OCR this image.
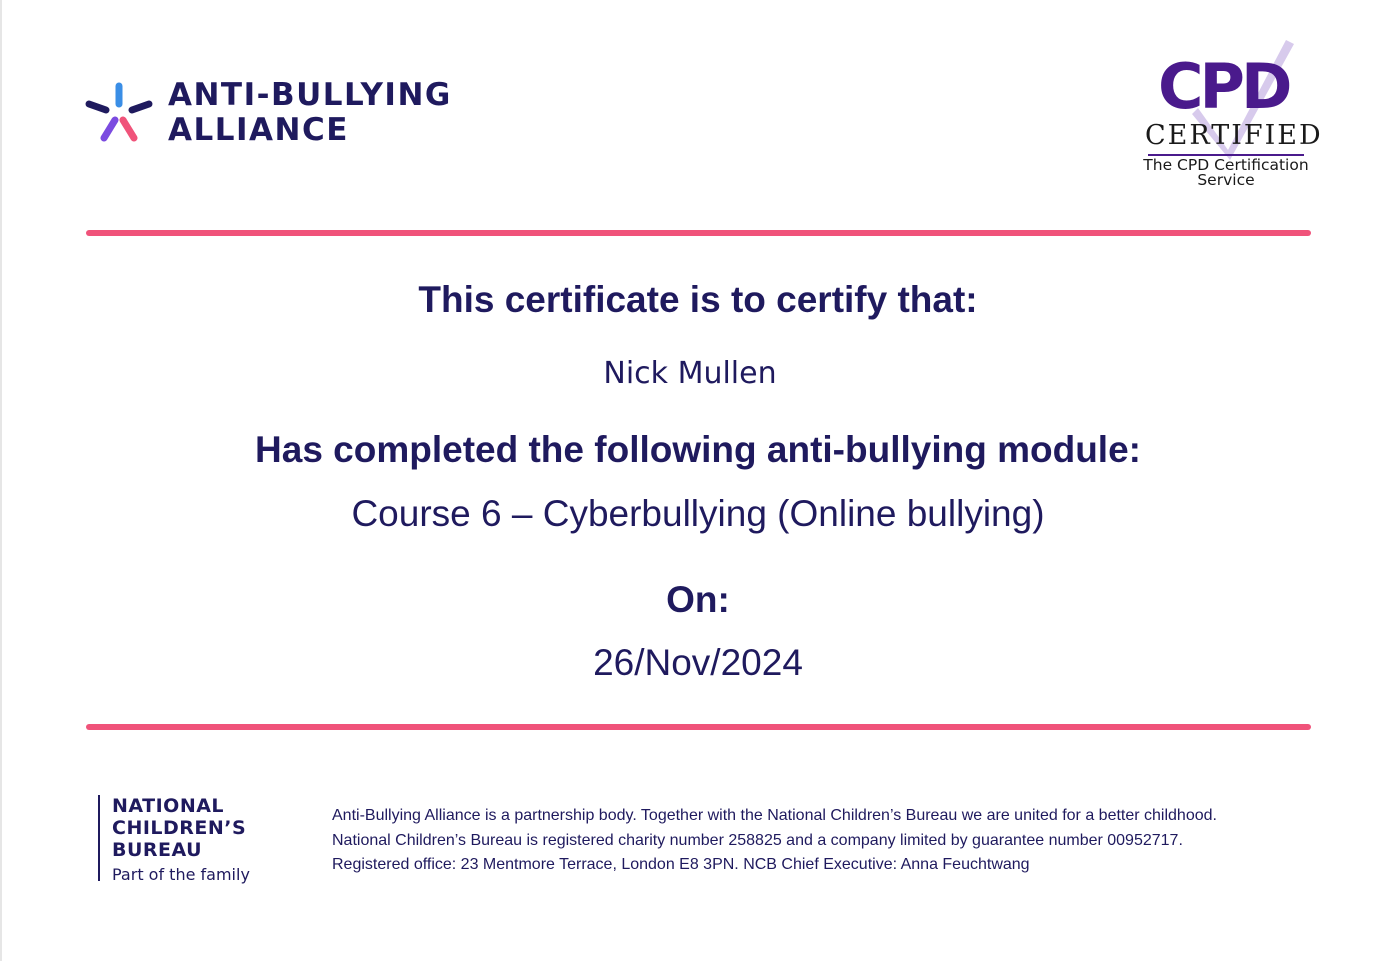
ANTI-BULLYING
ALLIANCE
CPD
CERTIFIED
The CPD Certification
Service
This certificate is to certify that:
Nick Mullen
Has completed the following anti-bullying module:
Course 6 – Cyberbullying (Online bullying)
On:
26/Nov/2024
NATIONAL
CHILDREN’S
BUREAU
Part of the family
Anti-Bullying Alliance is a partnership body. Together with the National Children’s Bureau we are united for a better childhood.
National Children’s Bureau is registered charity number 258825 and a company limited by guarantee number 00952717.
Registered office: 23 Mentmore Terrace, London E8 3PN. NCB Chief Executive: Anna Feuchtwang
